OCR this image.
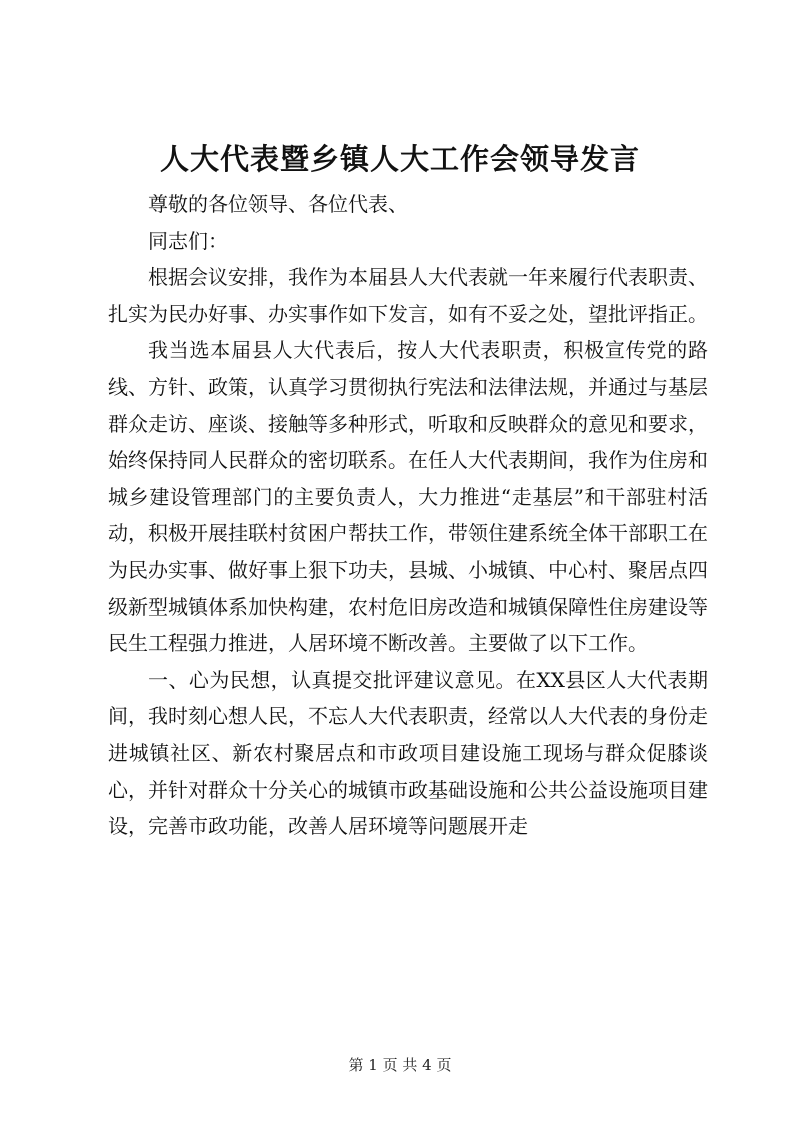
人大代表暨乡镇人大工作会领导发言

尊敬的各位领导、各位代表、

同志们：

根据会议安排，我作为本届县人大代表就一年来履行代表职责、扎实为民办好事、办实事作如下发言，如有不妥之处，望批评指正。

我当选本届县人大代表后，按人大代表职责，积极宣传党的路线、方针、政策，认真学习贯彻执行宪法和法律法规，并通过与基层群众走访、座谈、接触等多种形式，听取和反映群众的意见和要求，始终保持同人民群众的密切联系。在任人大代表期间，我作为住房和城乡建设管理部门的主要负责人，大力推进“走基层”和干部驻村活动，积极开展挂联村贫困户帮扶工作，带领住建系统全体干部职工在为民办实事、做好事上狠下功夫，县城、小城镇、中心村、聚居点四级新型城镇体系加快构建，农村危旧房改造和城镇保障性住房建设等民生工程强力推进，人居环境不断改善。主要做了以下工作。

一、心为民想，认真提交批评建议意见。在XX县区人大代表期间，我时刻心想人民，不忘人大代表职责，经常以人大代表的身份走进城镇社区、新农村聚居点和市政项目建设施工现场与群众促膝谈心，并针对群众十分关心的城镇市政基础设施和公共公益设施项目建设，完善市政功能，改善人居环境等问题展开走

第 1 页 共 4 页
